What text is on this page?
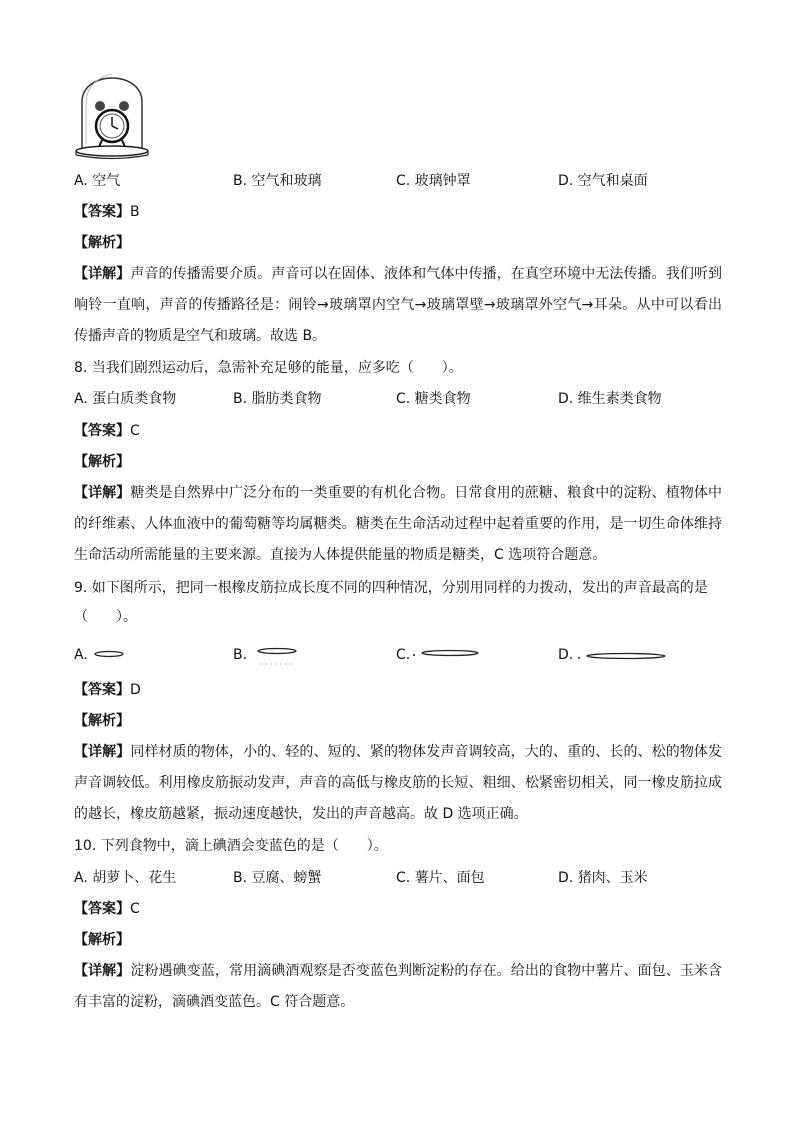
A. 空气	B. 空气和玻璃	C. 玻璃钟罩	D. 空气和桌面
【答案】B
【解析】
【详解】声音的传播需要介质。声音可以在固体、液体和气体中传播，在真空环境中无法传播。我们听到响铃一直响，声音的传播路径是：闹铃→玻璃罩内空气→玻璃罩壁→玻璃罩外空气→耳朵。从中可以看出传播声音的物质是空气和玻璃。故选 B。
8. 当我们剧烈运动后，急需补充足够的能量，应多吃（　　）。
A. 蛋白质类食物	B. 脂肪类食物	C. 糖类食物	D. 维生素类食物
【答案】C
【解析】
【详解】糖类是自然界中广泛分布的一类重要的有机化合物。日常食用的蔗糖、粮食中的淀粉、植物体中的纤维素、人体血液中的葡萄糖等均属糖类。糖类在生命活动过程中起着重要的作用，是一切生命体维持生命活动所需能量的主要来源。直接为人体提供能量的物质是糖类，C 选项符合题意。
9. 如下图所示，把同一根橡皮筋拉成长度不同的四种情况，分别用同样的力拨动，发出的声音最高的是
（　　）。
A.	B.	C.	D.
【答案】D
【解析】
【详解】同样材质的物体，小的、轻的、短的、紧的物体发声音调较高，大的、重的、长的、松的物体发声音调较低。利用橡皮筋振动发声，声音的高低与橡皮筋的长短、粗细、松紧密切相关，同一橡皮筋拉成的越长，橡皮筋越紧，振动速度越快，发出的声音越高。故 D 选项正确。
10. 下列食物中，滴上碘酒会变蓝色的是（　　）。
A. 胡萝卜、花生	B. 豆腐、螃蟹	C. 薯片、面包	D. 猪肉、玉米
【答案】C
【解析】
【详解】淀粉遇碘变蓝，常用滴碘酒观察是否变蓝色判断淀粉的存在。给出的食物中薯片、面包、玉米含有丰富的淀粉，滴碘酒变蓝色。C 符合题意。
